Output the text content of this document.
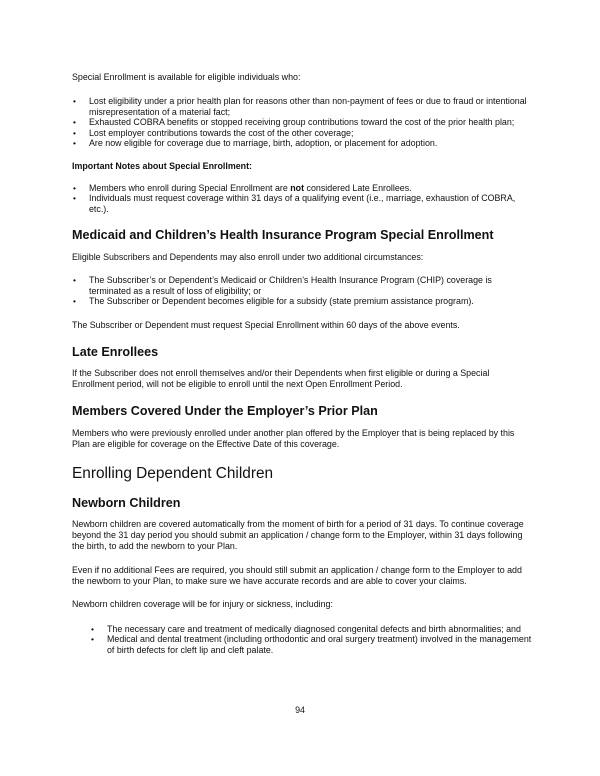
Special Enrollment is available for eligible individuals who:

• Lost eligibility under a prior health plan for reasons other than non-payment of fees or due to fraud or intentional misrepresentation of a material fact;
• Exhausted COBRA benefits or stopped receiving group contributions toward the cost of the prior health plan;
• Lost employer contributions towards the cost of the other coverage;
• Are now eligible for coverage due to marriage, birth, adoption, or placement for adoption.

Important Notes about Special Enrollment:

• Members who enroll during Special Enrollment are not considered Late Enrollees.
• Individuals must request coverage within 31 days of a qualifying event (i.e., marriage, exhaustion of COBRA, etc.).
Medicaid and Children’s Health Insurance Program Special Enrollment

Eligible Subscribers and Dependents may also enroll under two additional circumstances:

• The Subscriber’s or Dependent’s Medicaid or Children’s Health Insurance Program (CHIP) coverage is terminated as a result of loss of eligibility; or
• The Subscriber or Dependent becomes eligible for a subsidy (state premium assistance program).

The Subscriber or Dependent must request Special Enrollment within 60 days of the above events.

Late Enrollees

If the Subscriber does not enroll themselves and/or their Dependents when first eligible or during a Special Enrollment period, will not be eligible to enroll until the next Open Enrollment Period.

Members Covered Under the Employer’s Prior Plan

Members who were previously enrolled under another plan offered by the Employer that is being replaced by this Plan are eligible for coverage on the Effective Date of this coverage.

Enrolling Dependent Children
Newborn Children

Newborn children are covered automatically from the moment of birth for a period of 31 days. To continue coverage beyond the 31 day period you should submit an application / change form to the Employer, within 31 days following the birth, to add the newborn to your Plan.

Even if no additional Fees are required, you should still submit an application / change form to the Employer to add the newborn to your Plan, to make sure we have accurate records and are able to cover your claims.

Newborn children coverage will be for injury or sickness, including:

• The necessary care and treatment of medically diagnosed congenital defects and birth abnormalities; and
• Medical and dental treatment (including orthodontic and oral surgery treatment) involved in the management of birth defects for cleft lip and cleft palate.
94
